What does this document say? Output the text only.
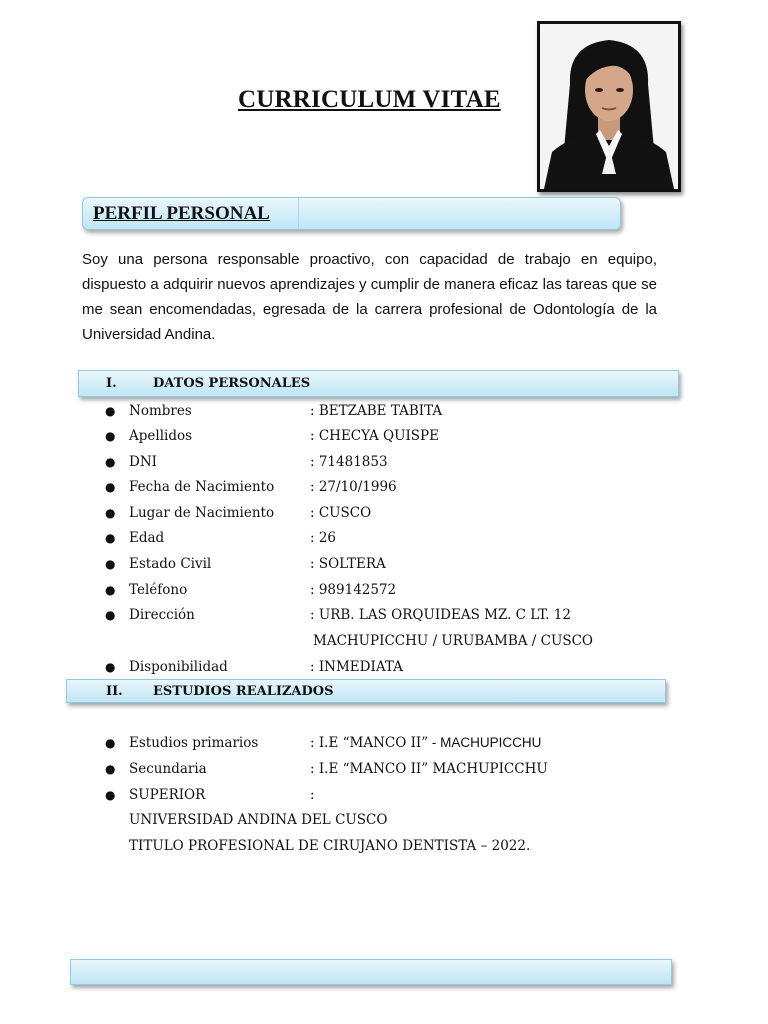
CURRICULUM VITAE
PERFIL PERSONAL

Soy una persona responsable proactivo, con capacidad de trabajo en equipo, dispuesto a adquirir nuevos aprendizajes y cumplir de manera eficaz las tareas que se me sean encomendadas, egresada de la carrera profesional de Odontología de la Universidad Andina.

I.	DATOS PERSONALES
● Nombres	: BETZABE TABITA
● Apellidos	: CHECYA QUISPE
● DNI	: 71481853
● Fecha de Nacimiento	: 27/10/1996
● Lugar de Nacimiento	: CUSCO
● Edad	: 26
● Estado Civil	: SOLTERA
● Teléfono	: 989142572
● Dirección	: URB. LAS ORQUIDEAS MZ. C LT. 12
MACHUPICCHU / URUBAMBA / CUSCO
● Disponibilidad	: INMEDIATA
II. ESTUDIOS REALIZADOS
● Estudios primarios	: I.E “MANCO II” - MACHUPICCHU
● Secundaria	: I.E “MANCO II” MACHUPICCHU
● SUPERIOR	:
UNIVERSIDAD ANDINA DEL CUSCO
TITULO PROFESIONAL DE CIRUJANO DENTISTA – 2022.
